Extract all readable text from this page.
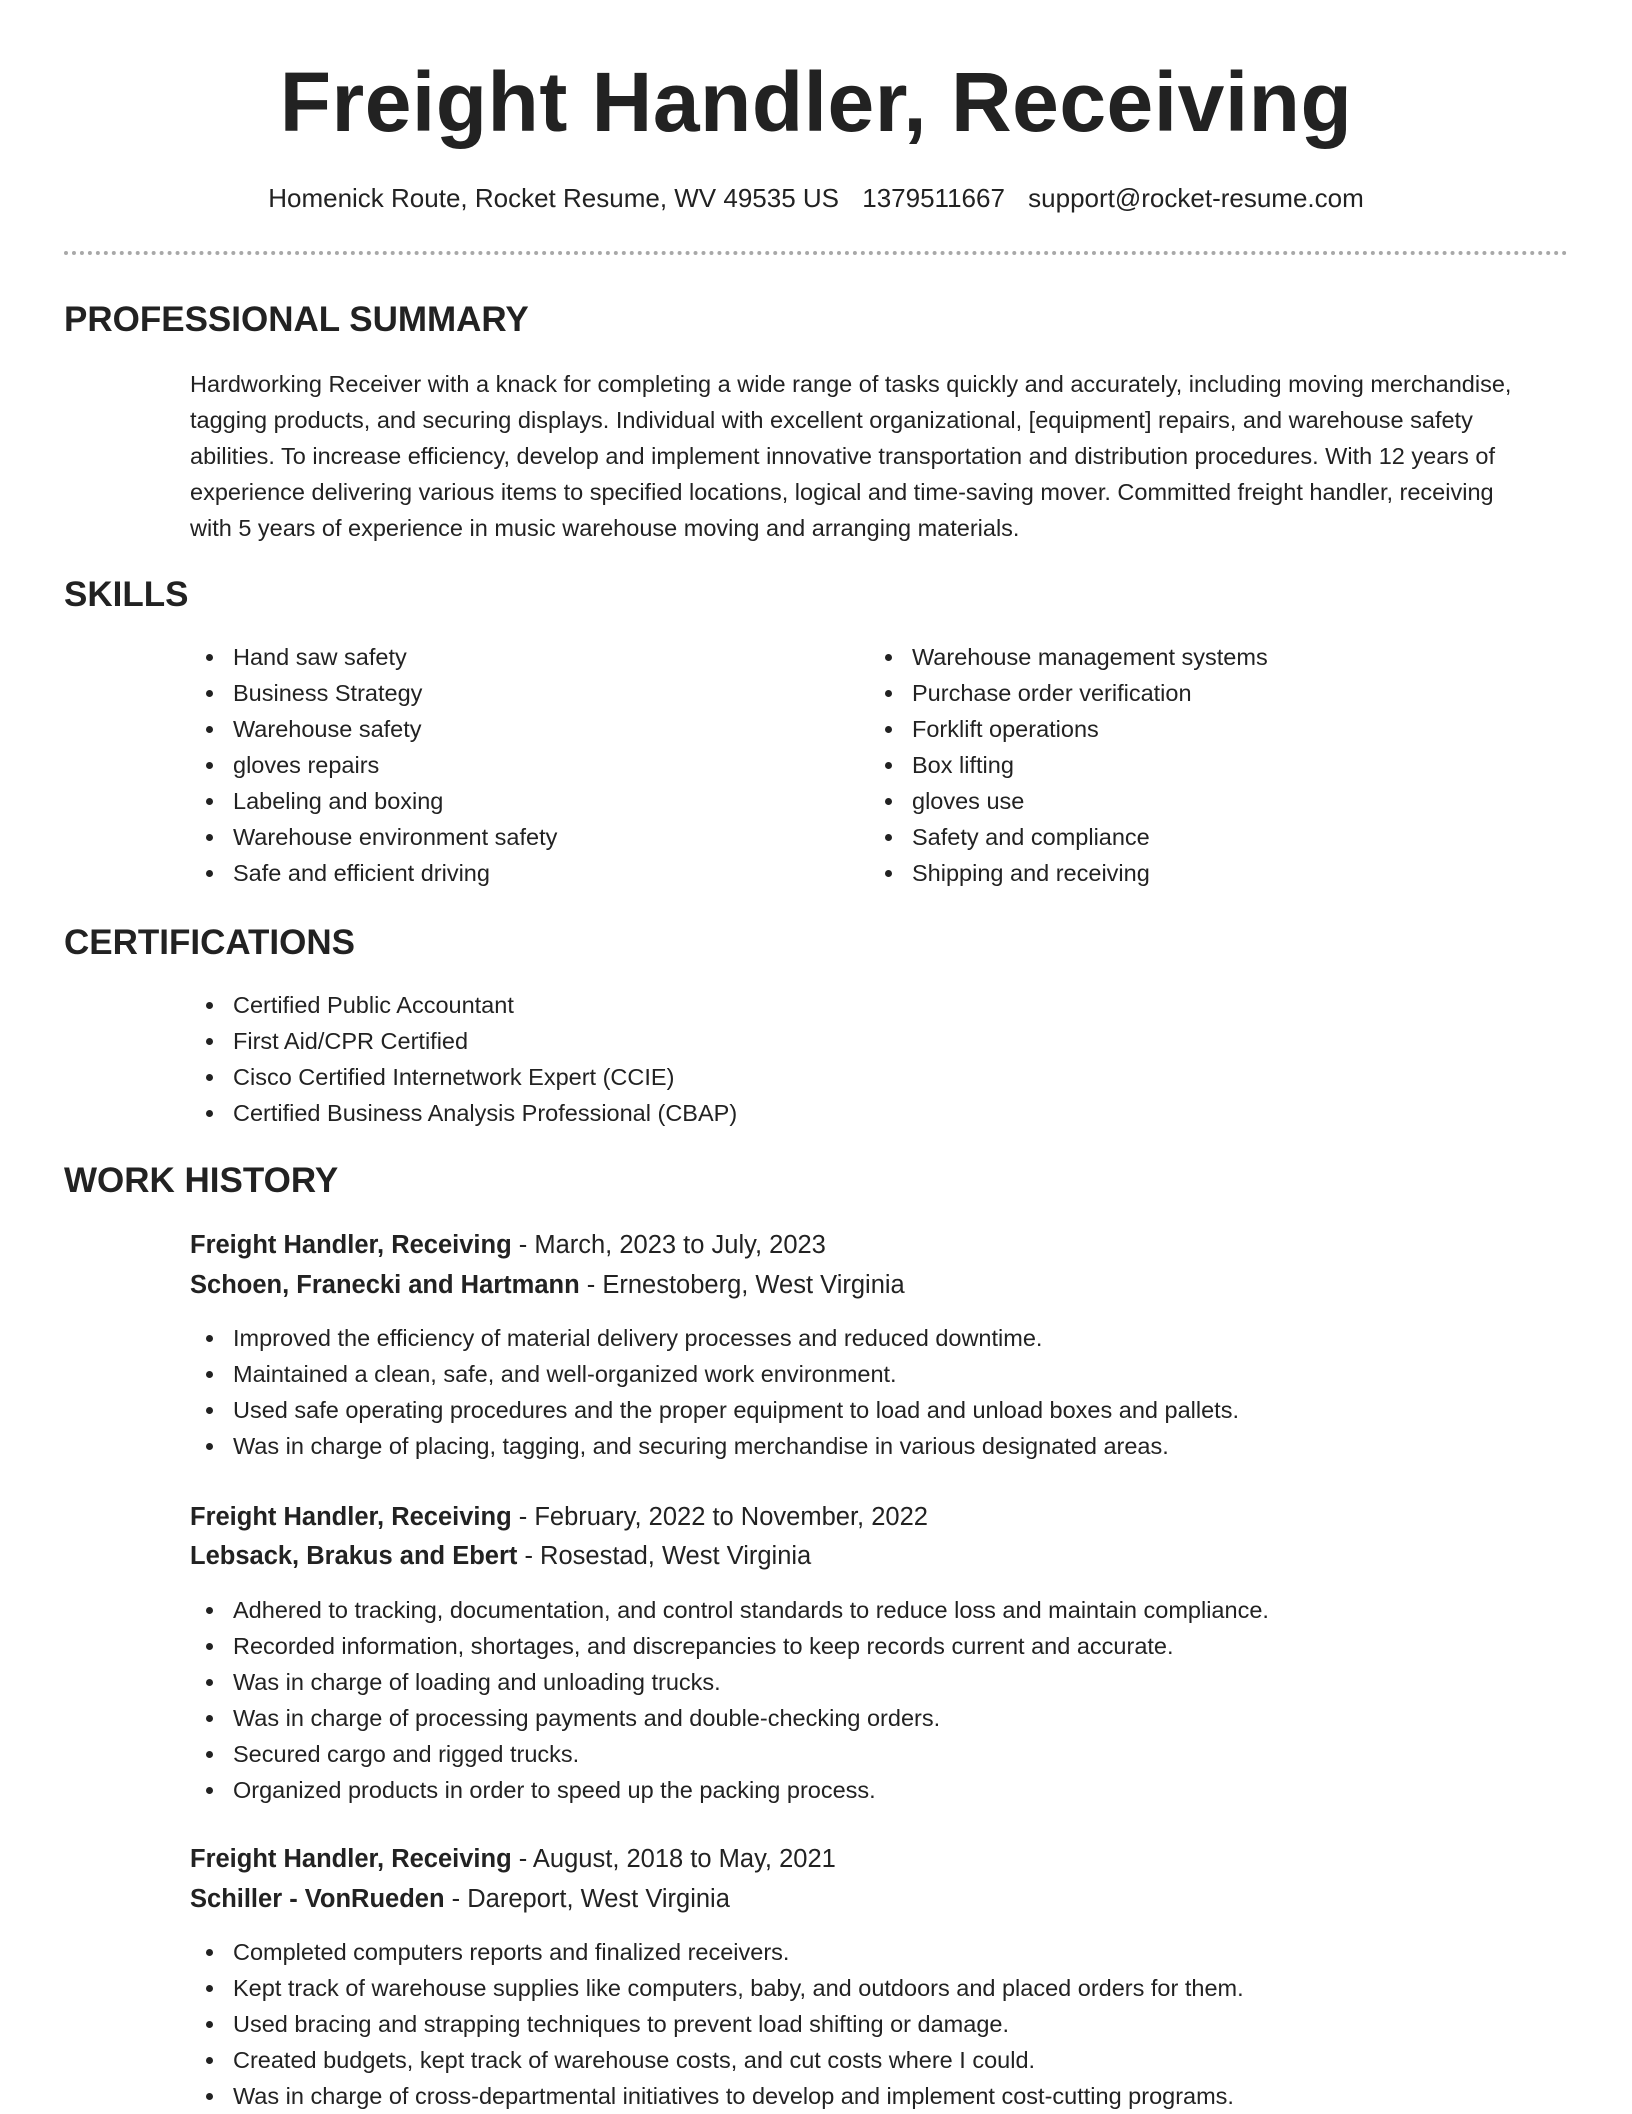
Freight Handler, Receiving
Homenick Route, Rocket Resume, WV 49535 US 1379511667 support@rocket-resume.com
PROFESSIONAL SUMMARY

Hardworking Receiver with a knack for completing a wide range of tasks quickly and accurately, including moving merchandise, tagging products, and securing displays. Individual with excellent organizational, [equipment] repairs, and warehouse safety abilities. To increase efficiency, develop and implement innovative transportation and distribution procedures. With 12 years of experience delivering various items to specified locations, logical and time-saving mover. Committed freight handler, receiving with 5 years of experience in music warehouse moving and arranging materials.

SKILLS
Hand saw safety
Business Strategy
Warehouse safety
gloves repairs
Labeling and boxing
Warehouse environment safety
Safe and efficient driving
Warehouse management systems
Purchase order verification
Forklift operations
Box lifting
gloves use
Safety and compliance
Shipping and receiving
CERTIFICATIONS
Certified Public Accountant
First Aid/CPR Certified
Cisco Certified Internetwork Expert (CCIE)
Certified Business Analysis Professional (CBAP)
WORK HISTORY
Freight Handler, Receiving - March, 2023 to July, 2023
Schoen, Franecki and Hartmann - Ernestoberg, West Virginia
Improved the efficiency of material delivery processes and reduced downtime.
Maintained a clean, safe, and well-organized work environment.
Used safe operating procedures and the proper equipment to load and unload boxes and pallets.
Was in charge of placing, tagging, and securing merchandise in various designated areas.
Freight Handler, Receiving - February, 2022 to November, 2022
Lebsack, Brakus and Ebert - Rosestad, West Virginia
Adhered to tracking, documentation, and control standards to reduce loss and maintain compliance.
Recorded information, shortages, and discrepancies to keep records current and accurate.
Was in charge of loading and unloading trucks.
Was in charge of processing payments and double-checking orders.
Secured cargo and rigged trucks.
Organized products in order to speed up the packing process.
Freight Handler, Receiving - August, 2018 to May, 2021
Schiller - VonRueden - Dareport, West Virginia
Completed computers reports and finalized receivers.
Kept track of warehouse supplies like computers, baby, and outdoors and placed orders for them.
Used bracing and strapping techniques to prevent load shifting or damage.
Created budgets, kept track of warehouse costs, and cut costs where I could.
Was in charge of cross-departmental initiatives to develop and implement cost-cutting programs.
